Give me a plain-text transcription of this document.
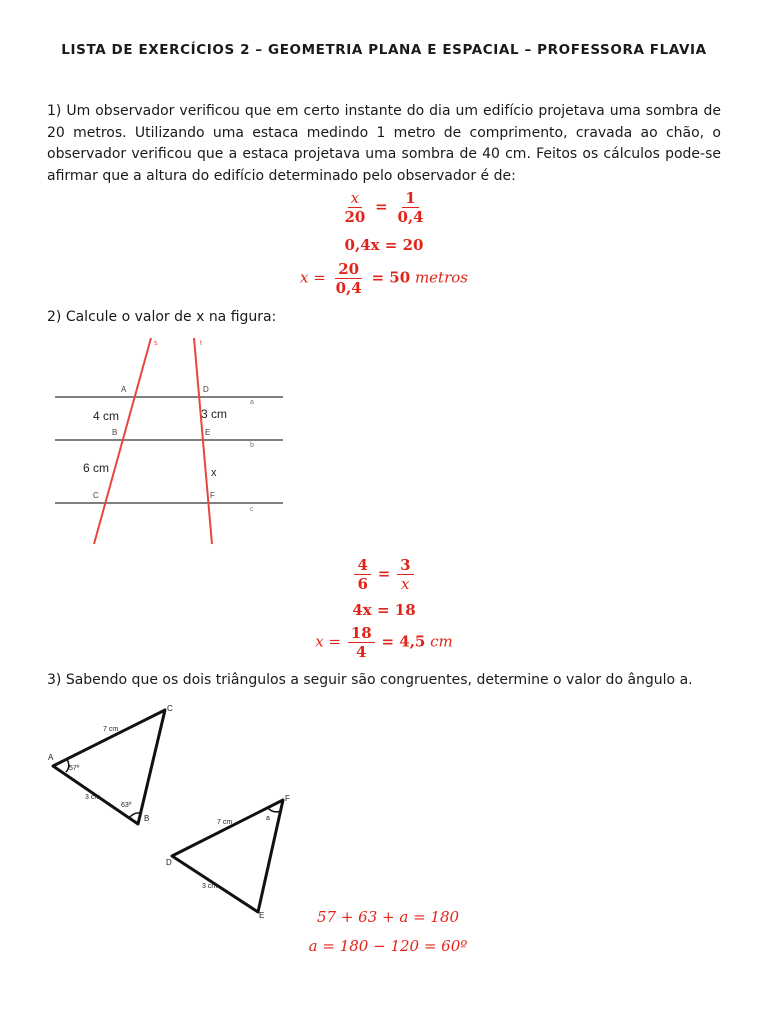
LISTA DE EXERCÍCIOS 2 – GEOMETRIA PLANA E ESPACIAL – PROFESSORA FLAVIA
1) Um observador verificou que em certo instante do dia um edifício projetava uma sombra de 20 metros. Utilizando uma estaca medindo 1 metro de comprimento, cravada ao chão, o observador verificou que a estaca projetava uma sombra de 40 cm. Feitos os cálculos pode-se afirmar que a altura do edifício determinado pelo observador é de:
$\frac{x}{20} = \frac{1}{0,4}$
0,4x = 20
$x = \frac{20}{0,4} = 50$ metros
2) Calcule o valor de x na figura:
s	t
a
b
c
A
B
C
D
E
F
4 cm
6 cm
3 cm
x
$\frac{4}{6} = \frac{3}{x}$
4x = 18
$x = \frac{18}{4} = 4,5$ cm
3) Sabendo que os dois triângulos a seguir são congruentes, determine o valor do ângulo a.
A
B
C
7 cm
3 cm
57º
63º
D
E
F
7 cm
3 cm
a
57 + 63 + a = 180
a = 180 − 120 = 60º
